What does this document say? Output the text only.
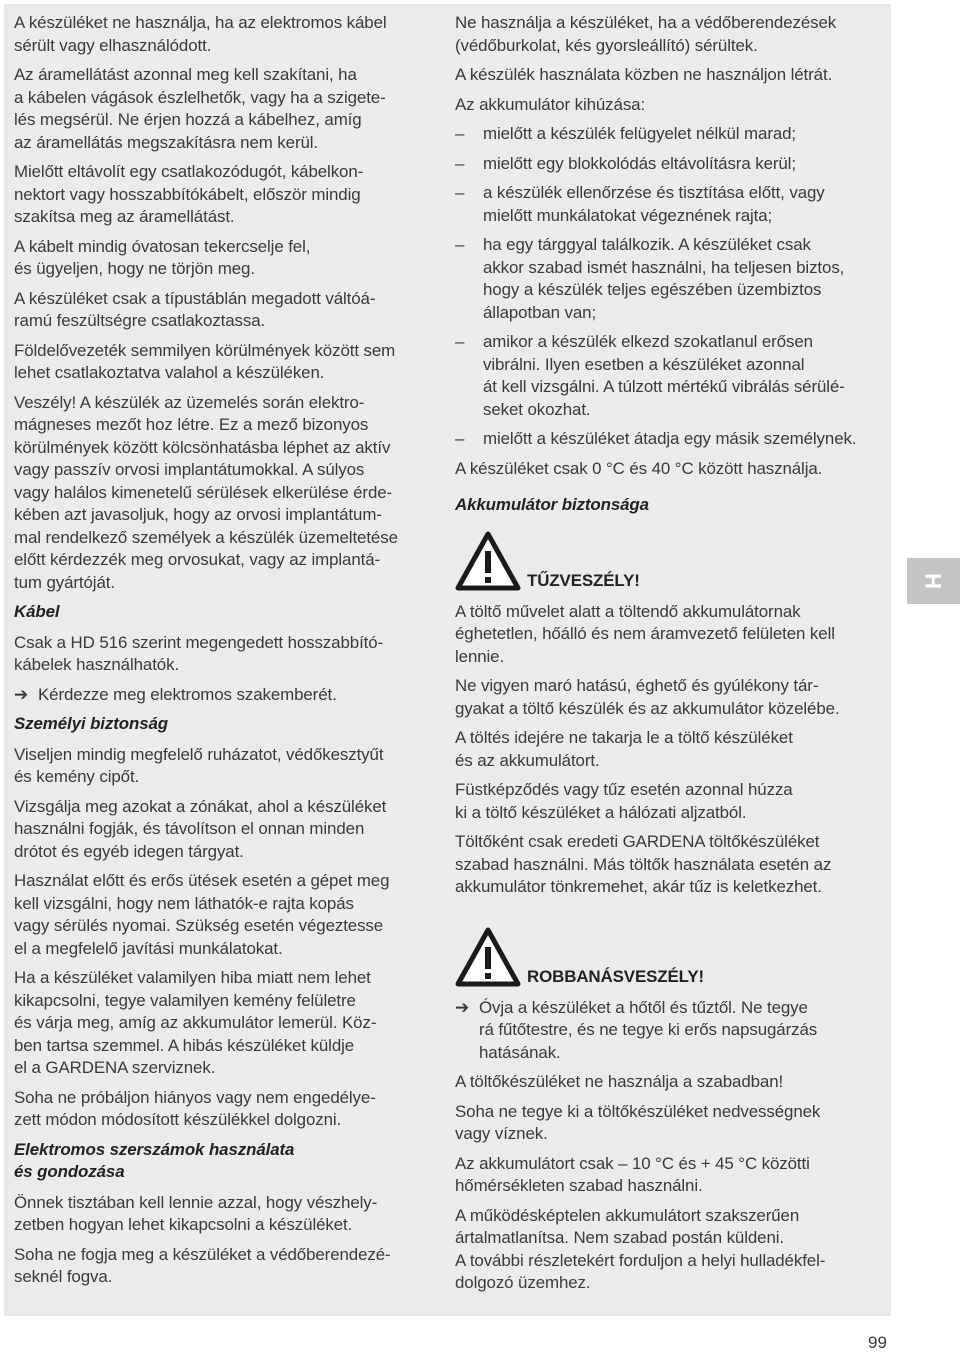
A készüléket ne használja, ha az elektromos kábel
sérült vagy elhasználódott.

Az áramellátást azonnal meg kell szakítani, ha
a kábelen vágások észlelhetők, vagy ha a szigete-
lés megsérül. Ne érjen hozzá a kábelhez, amíg
az áramellátás megszakításra nem kerül.

Mielőtt eltávolít egy csatlakozódugót, kábelkon-
nektort vagy hosszabbítókábelt, először mindig
szakítsa meg az áramellátást.

A kábelt mindig óvatosan tekercselje fel,
és ügyeljen, hogy ne törjön meg.

A készüléket csak a típustáblán megadott váltóá-
ramú feszültségre csatlakoztassa.

Földelővezeték semmilyen körülmények között sem
lehet csatlakoztatva valahol a készüléken.

Veszély! A készülék az üzemelés során elektro-
mágneses mezőt hoz létre. Ez a mező bizonyos
körülmények között kölcsönhatásba léphet az aktív
vagy passzív orvosi implantátumokkal. A súlyos
vagy halálos kimenetelű sérülések elkerülése érde-
kében azt javasoljuk, hogy az orvosi implantátum-
mal rendelkező személyek a készülék üzemeltetése
előtt kérdezzék meg orvosukat, vagy az implantá-
tum gyártóját.

Kábel

Csak a HD 516 szerint megengedett hosszabbító-
kábelek használhatók.

➔ Kérdezze meg elektromos szakemberét.

Személyi biztonság

Viseljen mindig megfelelő ruházatot, védőkesztyűt
és kemény cipőt.

Vizsgálja meg azokat a zónákat, ahol a készüléket
használni fogják, és távolítson el onnan minden
drótot és egyéb idegen tárgyat.

Használat előtt és erős ütések esetén a gépet meg
kell vizsgálni, hogy nem láthatók-e rajta kopás
vagy sérülés nyomai. Szükség esetén végeztesse
el a megfelelő javítási munkálatokat.

Ha a készüléket valamilyen hiba miatt nem lehet
kikapcsolni, tegye valamilyen kemény felületre
és várja meg, amíg az akkumulátor lemerül. Köz-
ben tartsa szemmel. A hibás készüléket küldje
el a GARDENA szerviznek.

Soha ne próbáljon hiányos vagy nem engedélye-
zett módon módosított készülékkel dolgozni.

Elektromos szerszámok használata
és gondozása

Önnek tisztában kell lennie azzal, hogy vészhely-
zetben hogyan lehet kikapcsolni a készüléket.

Soha ne fogja meg a készüléket a védőberendezé-
seknél fogva.

Ne használja a készüléket, ha a védőberendezések
(védőburkolat, kés gyorsleállító) sérültek.

A készülék használata közben ne használjon létrát.

Az akkumulátor kihúzása:

–	mielőtt a készülék felügyelet nélkül marad;

–	mielőtt egy blokkolódás eltávolításra kerül;

–	a készülék ellenőrzése és tisztítása előtt, vagy
mielőtt munkálatokat végeznének rajta;

–	ha egy tárggyal találkozik. A készüléket csak
akkor szabad ismét használni, ha teljesen biztos,
hogy a készülék teljes egészében üzembiztos
állapotban van;

–	amikor a készülék elkezd szokatlanul erősen
vibrálni. Ilyen esetben a készüléket azonnal
át kell vizsgálni. A túlzott mértékű vibrálás sérülé-
seket okozhat.

–	mielőtt a készüléket átadja egy másik személynek.

A készüléket csak 0 °C és 40 °C között használja.

Akkumulátor biztonsága

TŰZVESZÉLY!

A töltő művelet alatt a töltendő akkumulátornak
éghetetlen, hőálló és nem áramvezető felületen kell
lennie.

Ne vigyen maró hatású, éghető és gyúlékony tár-
gyakat a töltő készülék és az akkumulátor közelébe.

A töltés idejére ne takarja le a töltő készüléket
és az akkumulátort.

Füstképződés vagy tűz esetén azonnal húzza
ki a töltő készüléket a hálózati aljzatból.

Töltőként csak eredeti GARDENA töltőkészüléket
szabad használni. Más töltők használata esetén az
akkumulátor tönkremehet, akár tűz is keletkezhet.

ROBBANÁSVESZÉLY!

➔ Óvja a készüléket a hőtől és tűztől. Ne tegye
rá fűtőtestre, és ne tegye ki erős napsugárzás
hatásának.

A töltőkészüléket ne használja a szabadban!

Soha ne tegye ki a töltőkészüléket nedvességnek
vagy víznek.

Az akkumulátort csak – 10 °C és + 45 °C közötti
hőmérsékleten szabad használni.

A működésképtelen akkumulátort szakszerűen
ártalmatlanítsa. Nem szabad postán küldeni.
A további részletekért forduljon a helyi hulladékfel-
dolgozó üzemhez.

H
99
